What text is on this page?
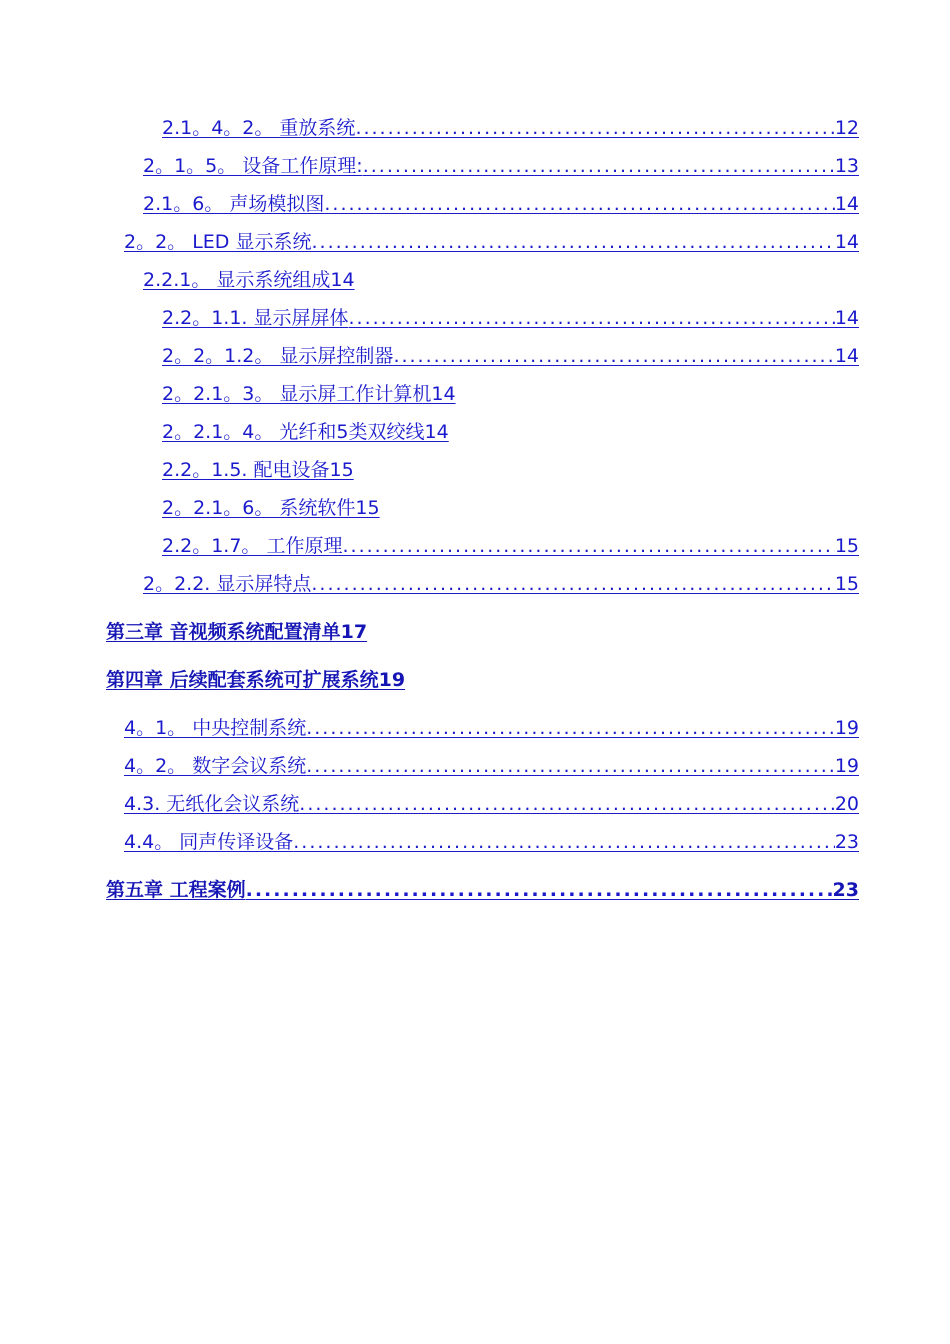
2.1。4。2。 重放系统 .....	12
2。1。5。 设备工作原理: .....	13
2.1。6。 声场模拟图 .....	14
2。2。 LED 显示系统 .....	14
2.2.1。 显示系统组成14
2.2。1.1. 显示屏屏体 .....	14
2。2。1.2。 显示屏控制器 .....	14
2。2.1。3。 显示屏工作计算机14
2。2.1。4。 光纤和5类双绞线14
2.2。1.5. 配电设备15
2。2.1。6。 系统软件15
2.2。1.7。 工作原理 .....	15
2。2.2. 显示屏特点 .....	15
第三章 音视频系统配置清单17
第四章 后续配套系统可扩展系统19
4。1。 中央控制系统 .....	19
4。2。 数字会议系统 .....	19
4.3. 无纸化会议系统 .....	20
4.4。 同声传译设备 .....	23
第五章 工程案例 .....	23
